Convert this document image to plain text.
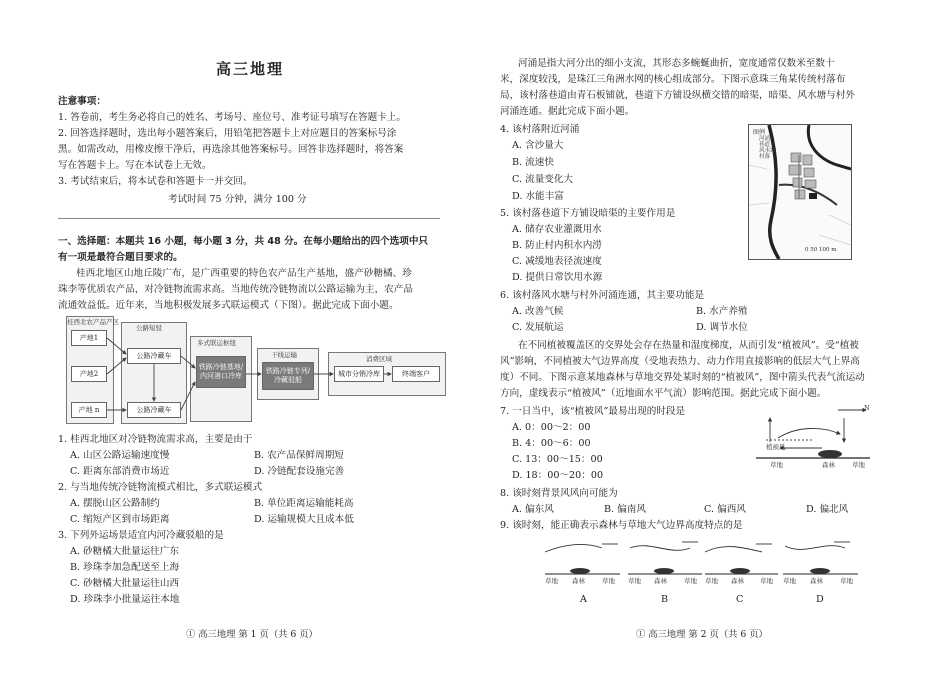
高三地理
注意事项：
1. 答卷前，考生务必将自己的姓名、考场号、座位号、准考证号填写在答题卡上。
2. 回答选择题时，选出每小题答案后，用铅笔把答题卡上对应题目的答案标号涂
黑。如需改动，用橡皮擦干净后，再选涂其他答案标号。回答非选择题时，将答案
写在答题卡上。写在本试卷上无效。
3. 考试结束后，将本试卷和答题卡一并交回。
考试时间 75 分钟，满分 100 分
一、选择题：本题共 16 小题，每小题 3 分，共 48 分。在每小题给出的四个选项中只
有一项是最符合题目要求的。
桂西北地区山地丘陵广布，是广西重要的特色农产品生产基地，盛产砂糖橘、珍
珠李等优质农产品，对冷链物流需求高。当地传统冷链物流以公路运输为主，农产品
流通效益低。近年来，当地积极发展多式联运模式（下图）。据此完成下面小题。
桂西北农产品产区
公路短驳
多式联运枢纽
干线运输	消费区域
产地1
产地2
产地 n
公路冷藏车
公路冷藏车
铁路冷链基地/内河港口冷库
铁路冷链专列/冷藏驳船
城市分销冷库	终端客户
1. 桂西北地区对冷链物流需求高，主要是由于
A. 山区公路运输速度慢	B. 农产品保鲜周期短
C. 距离东部消费市场近	D. 冷链配套设施完善
2. 与当地传统冷链物流模式相比，多式联运模式
A. 摆脱山区公路制约	B. 单位距离运输能耗高
C. 缩短产区到市场距离	D. 运输规模大且成本低
3. 下列外运场景适宜内河冷藏驳船的是
A. 砂糖橘大批量运往广东
B. 珍珠李加急配送至上海
C. 砂糖橘大批量运往山西
D. 珍珠李小批量运往本地
① 高三地理 第 1 页（共 6 页）
河涌是指大河分出的细小支流，其形态多蜿蜒曲折，宽度通常仅数米至数十
米，深度较浅，是珠江三角洲水网的核心组成部分。下图示意珠三角某传统村落布
局，该村落巷道由青石板铺就，巷道下方铺设纵横交错的暗渠，暗渠、风水塘与村外
河涌连通。据此完成下面小题。
4. 该村落附近河涌
A. 含沙量大
B. 流速快
C. 流量变化大
D. 水能丰富
5. 该村落巷道下方铺设暗渠的主要作用是
A. 储存农业灌溉用水
B. 防止村内积水内涝
C. 减缓地表径流速度
D. 提供日常饮用水源
6. 该村落风水塘与村外河涌连通，其主要功能是
A. 改善气候	B. 水产养殖
C. 发展航运	D. 调节水位
图例
河涌
巷道
风水塘
村落
0 50 100 m
在不同植被覆盖区的交界处会存在热量和湿度梯度，从而引发“植被风”。受“植被
风”影响，不同植被大气边界高度（受地表热力、动力作用直接影响的低层大气上界高
度）不同。下图示意某地森林与草地交界处某时刻的“植被风”，图中箭头代表气流运动
方向，虚线表示“植被风”（近地面水平气流）影响范围。据此完成下面小题。
7. 一日当中，该“植被风”最易出现的时段是
A. 0：00～2：00
B. 4：00～6：00
C. 13：00～15：00
D. 18：00～20：00
植被风
N
草地	森林	草地
8. 该时刻背景风风向可能为
A. 偏东风	B. 偏南风	C. 偏西风	D. 偏北风
9. 该时刻，能正确表示森林与草地大气边界高度特点的是
草地 森林	草地 草地 森林	草地 草地 森林 草地 草地 森林	草地
A	B	C	D
① 高三地理 第 2 页（共 6 页）
